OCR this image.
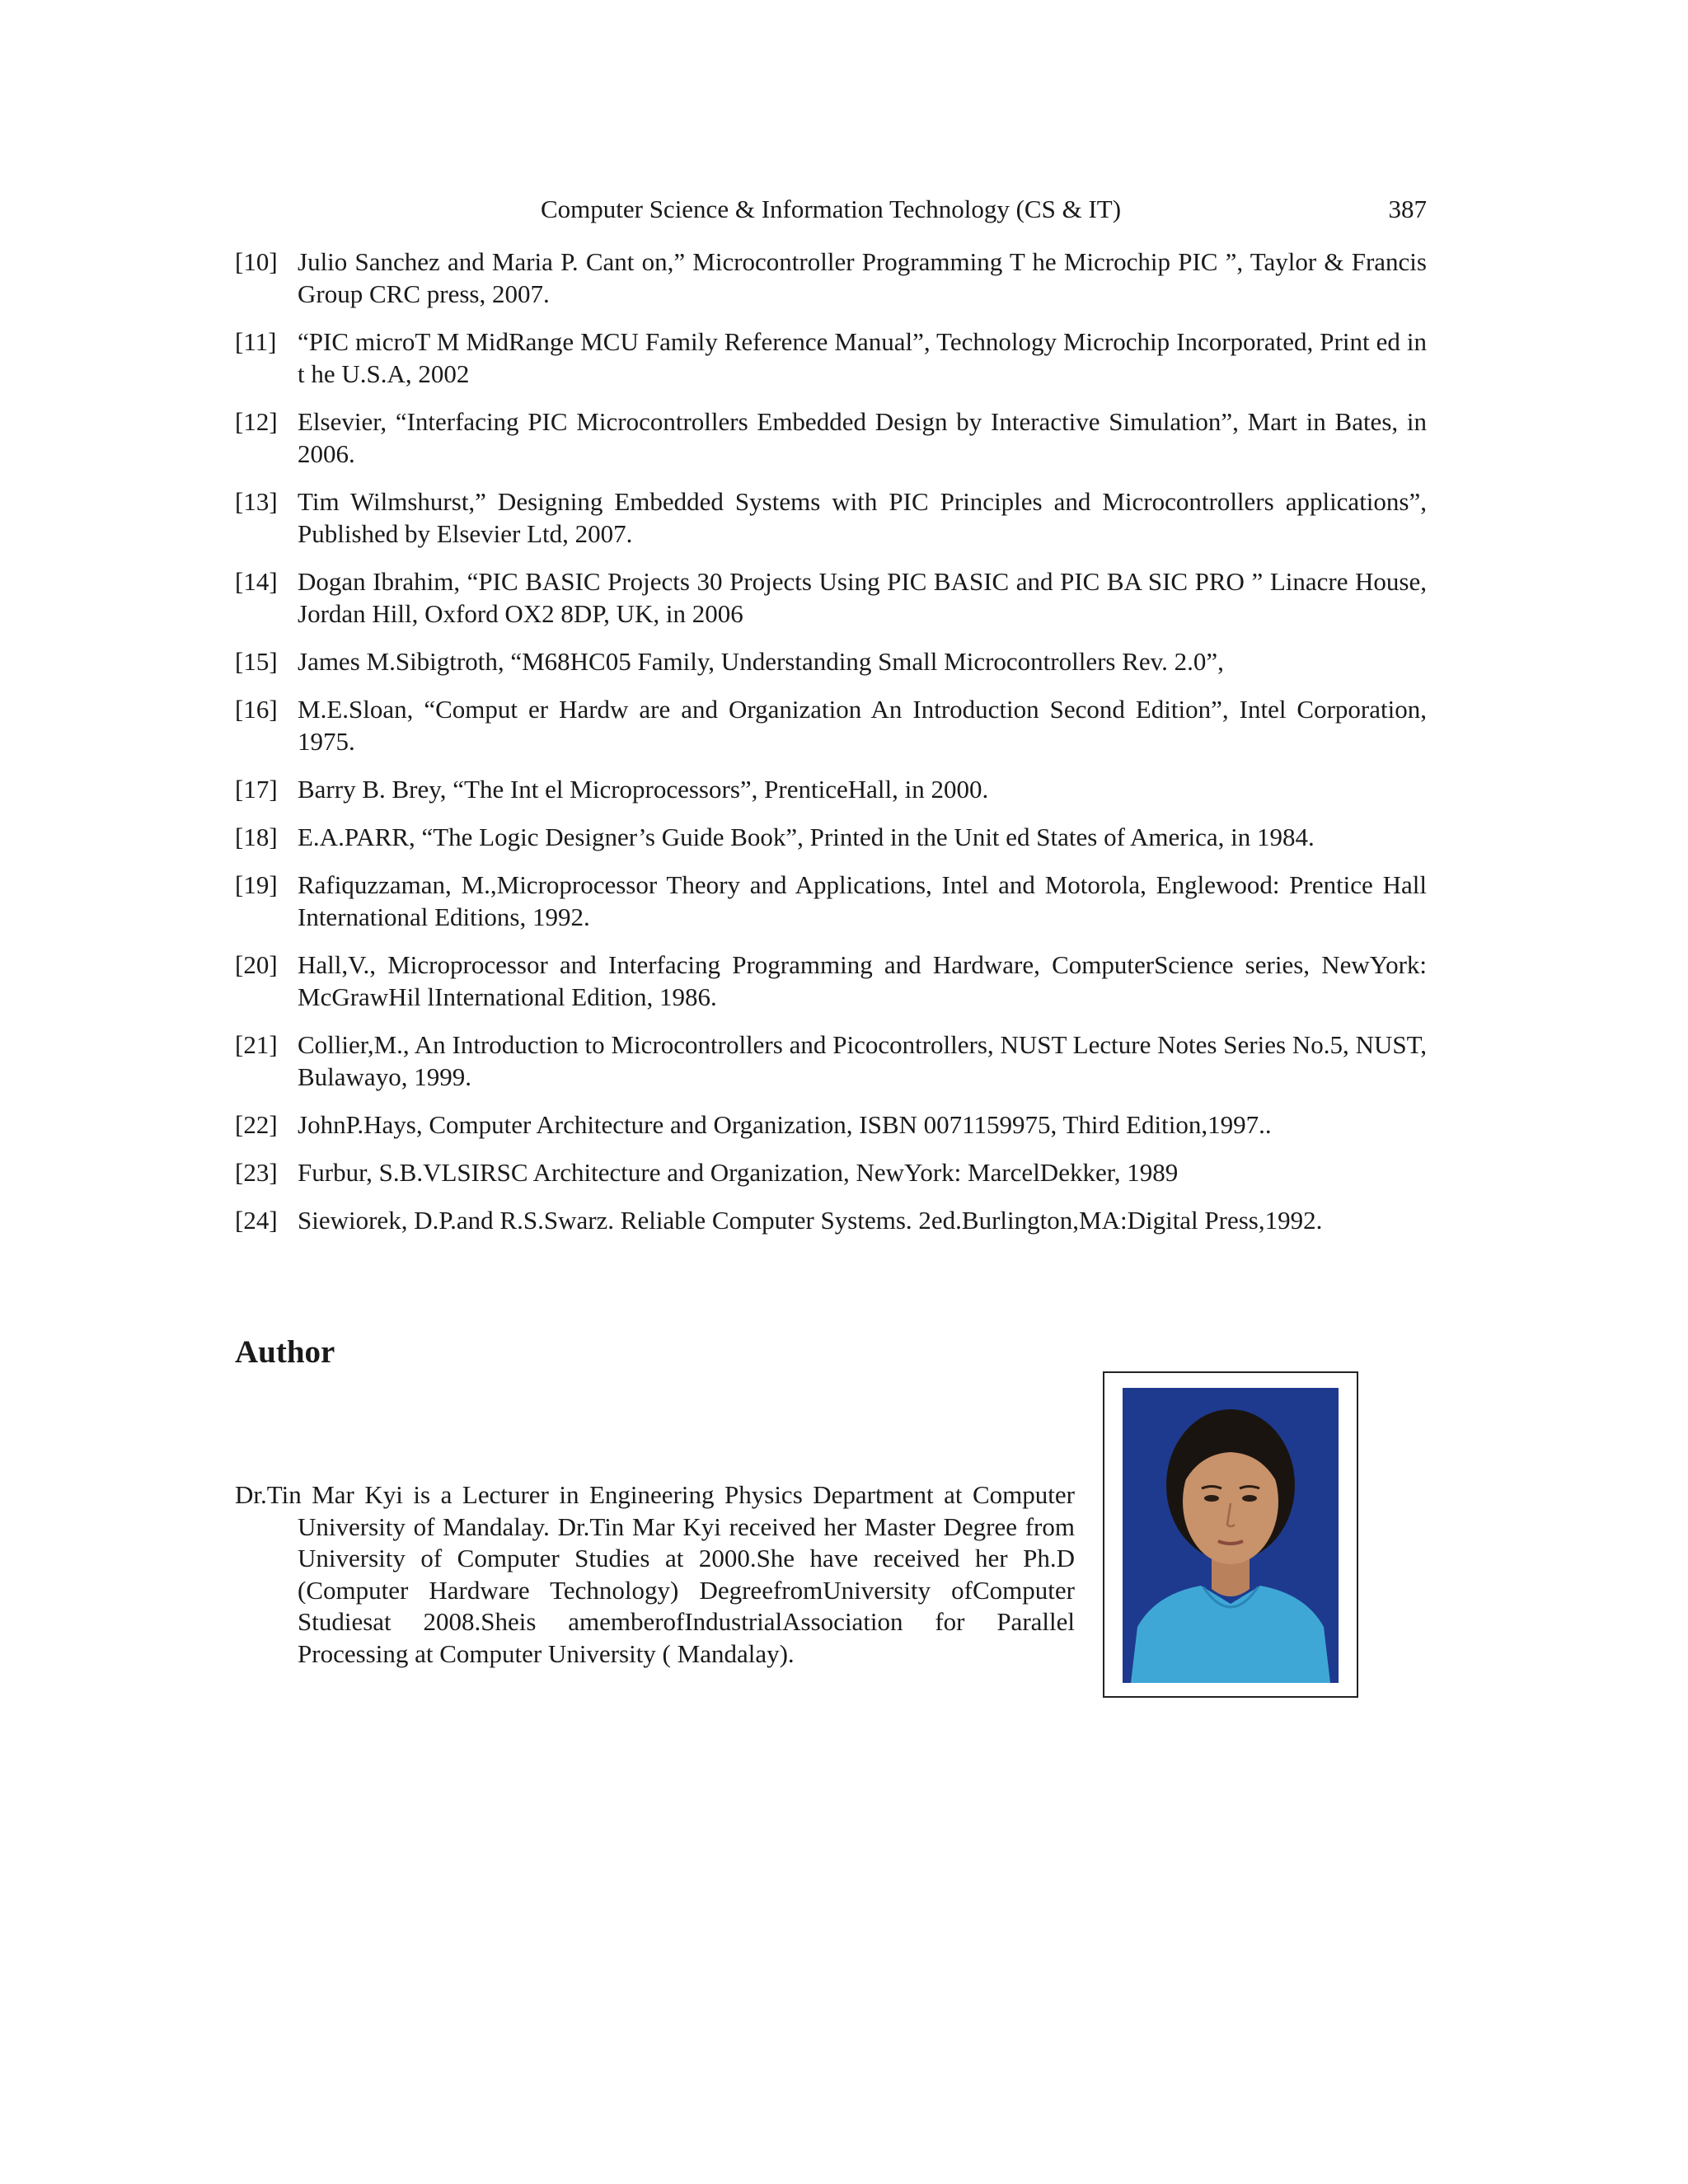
Computer Science & Information Technology (CS & IT)	387
[10] Julio Sanchez and Maria P. Cant on,” Microcontroller Programming T he Microchip PIC ”, Taylor & Francis Group CRC press, 2007.
[11] “PIC microT M MidRange MCU Family Reference Manual”, Technology Microchip Incorporated, Print ed in t he U.S.A, 2002
[12] Elsevier, “Interfacing PIC Microcontrollers Embedded Design by Interactive Simulation”, Mart in Bates, in 2006.
[13] Tim Wilmshurst,” Designing Embedded Systems with PIC Principles and Microcontrollers applications”, Published by Elsevier Ltd, 2007.
[14] Dogan Ibrahim, “PIC BASIC Projects 30 Projects Using PIC BASIC and PIC BA SIC PRO ” Linacre House, Jordan Hill, Oxford OX2 8DP, UK, in 2006
[15] James M.Sibigtroth, “M68HC05 Family, Understanding Small Microcontrollers Rev. 2.0”,
[16] M.E.Sloan, “Comput er Hardw are and Organization An Introduction Second Edition”, Intel Corporation, 1975.
[17] Barry B. Brey, “The Int el Microprocessors”, PrenticeHall, in 2000.
[18] E.A.PARR, “The Logic Designer’s Guide Book”, Printed in the Unit ed States of America, in 1984.
[19] Rafiquzzaman, M.,Microprocessor Theory and Applications, Intel and Motorola, Englewood: Prentice Hall International Editions, 1992.
[20] Hall,V., Microprocessor and Interfacing Programming and Hardware, ComputerScience series, NewYork: McGrawHil lInternational Edition, 1986.
[21] Collier,M., An Introduction to Microcontrollers and Picocontrollers, NUST Lecture Notes Series No.5, NUST, Bulawayo, 1999.
[22] JohnP.Hays, Computer Architecture and Organization, ISBN 0071159975, Third Edition,1997..
[23] Furbur, S.B.VLSIRSC Architecture and Organization, NewYork: MarcelDekker, 1989
[24] Siewiorek, D.P.and R.S.Swarz. Reliable Computer Systems. 2ed.Burlington,MA:Digital Press,1992.
Author
Dr.Tin Mar Kyi is a Lecturer in Engineering Physics Department at Computer University of Mandalay. Dr.Tin Mar Kyi received her Master Degree from University of Computer Studies at 2000.She have received her Ph.D (Computer Hardware Technology) DegreefromUniversity ofComputer Studiesat 2008.Sheis amemberofIndustrialAssociation for Parallel Processing at Computer University ( Mandalay).
